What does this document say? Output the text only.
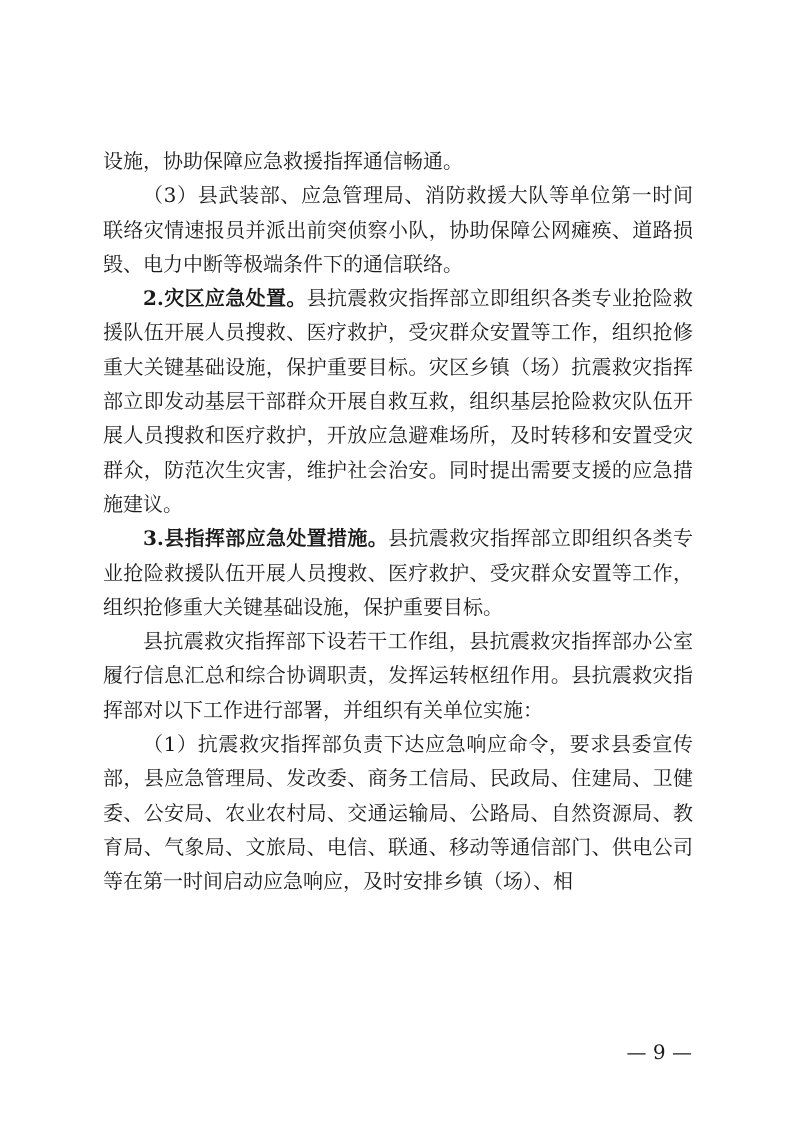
设施，协助保障应急救援指挥通信畅通。

（3）县武装部、应急管理局、消防救援大队等单位第一时间联络灾情速报员并派出前突侦察小队，协助保障公网瘫痪、道路损毁、电力中断等极端条件下的通信联络。

2.灾区应急处置。县抗震救灾指挥部立即组织各类专业抢险救援队伍开展人员搜救、医疗救护，受灾群众安置等工作，组织抢修重大关键基础设施，保护重要目标。灾区乡镇（场）抗震救灾指挥部立即发动基层干部群众开展自救互救，组织基层抢险救灾队伍开展人员搜救和医疗救护，开放应急避难场所，及时转移和安置受灾群众，防范次生灾害，维护社会治安。同时提出需要支援的应急措施建议。

3.县指挥部应急处置措施。县抗震救灾指挥部立即组织各类专业抢险救援队伍开展人员搜救、医疗救护、受灾群众安置等工作，组织抢修重大关键基础设施，保护重要目标。

县抗震救灾指挥部下设若干工作组，县抗震救灾指挥部办公室履行信息汇总和综合协调职责，发挥运转枢纽作用。县抗震救灾指挥部对以下工作进行部署，并组织有关单位实施：

（1）抗震救灾指挥部负责下达应急响应命令，要求县委宣传部，县应急管理局、发改委、商务工信局、民政局、住建局、卫健委、公安局、农业农村局、交通运输局、公路局、自然资源局、教育局、气象局、文旅局、电信、联通、移动等通信部门、供电公司等在第一时间启动应急响应，及时安排乡镇（场）、相

— 9 —
